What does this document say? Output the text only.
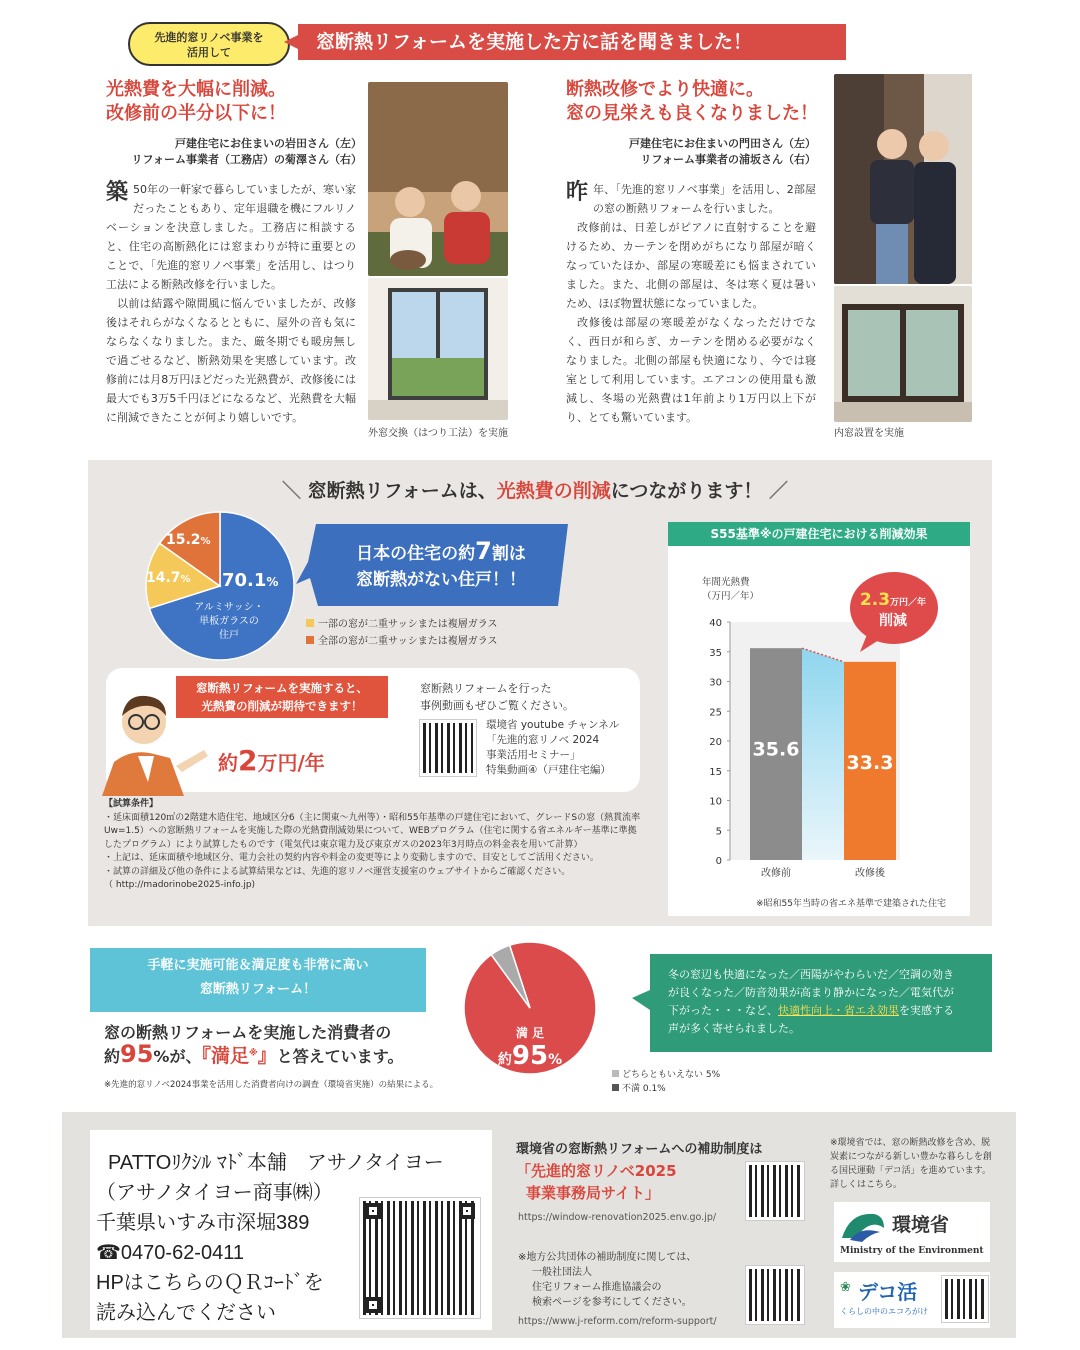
先進的窓リノベ事業を
活用して	窓断熱リフォームを実施した方に話を聞きました！
光熱費を大幅に削減。
改修前の半分以下に！
戸建住宅にお住まいの岩田さん（左）
リフォーム事業者（工務店）の菊澤さん（右）
築 50年の一軒家で暮らしていましたが、寒い家だったこともあり、定年退職を機にフルリノベーションを決意しました。工務店に相談すると、住宅の高断熱化には窓まわりが特に重要とのことで、「先進的窓リノベ事業」を活用し、はつり工法による断熱改修を行いました。
以前は結露や隙間風に悩んでいましたが、改修後はそれらがなくなるとともに、屋外の音も気にならなくなりました。また、厳冬期でも暖房無しで過ごせるなど、断熱効果を実感しています。改修前には月8万円ほどだった光熱費が、改修後には最大でも3万5千円ほどになるなど、光熱費を大幅に削減できたことが何より嬉しいです。
外窓交換（はつり工法）を実施
断熱改修でより快適に。
窓の見栄えも良くなりました！
戸建住宅にお住まいの門田さん（左）
リフォーム事業者の浦坂さん（右）
昨年、「先進的窓リノベ事業」を活用し、2部屋の窓の断熱リフォームを行いました。
改修前は、日差しがピアノに直射することを避けるため、カーテンを閉めがちになり部屋が暗くなっていたほか、部屋の寒暖差にも悩まされていました。また、北側の部屋は、冬は寒く夏は暑いため、ほぼ物置状態になっていました。
改修後は部屋の寒暖差がなくなっただけでなく、西日が和らぎ、カーテンを閉める必要がなくなりました。北側の部屋も快適になり、今では寝室として利用しています。エアコンの使用量も激減し、冬場の光熱費は1年前より1万円以上下がり、とても驚いています。
内窓設置を実施
＼ 窓断熱リフォームは、光熱費の削減につながります！ ／
70.1%
14.7%
15.2%
アルミサッシ・
単板ガラスの
住戸
日本の住宅の約7割は
窓断熱がない住戸！！
一部の窓が二重サッシまたは複層ガラス
全部の窓が二重サッシまたは複層ガラス
窓断熱リフォームを実施すると、
光熱費の削減が期待できます！
約2万円/年
窓断熱リフォームを行った
事例動画もぜひご覧ください。
環境省 youtube チャンネル
「先進的窓リノベ 2024
事業活用セミナー」
特集動画④（戸建住宅編）
【試算条件】
・延床面積120㎡の2階建木造住宅、地域区分6（主に関東～九州等）・昭和55年基準の戸建住宅において、グレードSの窓（熱貫流率Uw=1.5）への窓断熱リフォームを実施した際の光熱費削減効果について、WEBプログラム（住宅に関する省エネルギー基準に準拠したプログラム）により試算したものです（電気代は東京電力及び東京ガスの2023年3月時点の料金表を用いて計算）
・上記は、延床面積や地域区分、電力会社の契約内容や料金の変更等により変動しますので、目安としてご活用ください。
・試算の詳細及び他の条件による試算結果などは、先進的窓リノベ運営支援室のウェブサイトからご確認ください。
（ http://madorinobe2025-info.jp)
S55基準※の戸建住宅における削減効果
年間光熱費
（万円／年）
0
5
10
15
20
25
30
35
40
35.6
改修前
33.3
改修後
2.3万円／年
削減
※昭和55年当時の省エネ基準で建築された住宅
手軽に実施可能＆満足度も非常に高い
窓断熱リフォーム！
窓の断熱リフォームを実施した消費者の
約95%が、『満足※』と答えています。
※先進的窓リノベ2024事業を活用した消費者向けの調査（環境省実施）の結果による。
満 足
約95%
どちらともいえない 5%
不満 0.1%
冬の窓辺も快適になった／西陽がやわらいだ／空調の効きが良くなった／防音効果が高まり静かになった／電気代が下がった・・・など、快適性向上・省エネ効果を実感する声が多く寄せられました。
PATTOﾘｸｼﾙ ﾏﾄﾞ本舗　アサノタイヨー
（アサノタイヨー商事㈱）
千葉県いすみ市深堀389
☎0470-62-0411
HPはこちらのＱＲｺｰﾄﾞを
読み込んでください
環境省の窓断熱リフォームへの補助制度は
「先進的窓リノベ2025
事業事務局サイト」
https://window-renovation2025.env.go.jp/
※地方公共団体の補助制度に関しては、
一般社団法人
住宅リフォーム推進協議会の
検索ページを参考にしてください。
https://www.j-reform.com/reform-support/
※環境省では、窓の断熱改修を含め、脱炭素につながる新しい豊かな暮らしを創る国民運動「デコ活」を進めています。詳しくはこちら。
環境省
Ministry of the Environment
❀ デコ活
くらしの中のエコろがけ
